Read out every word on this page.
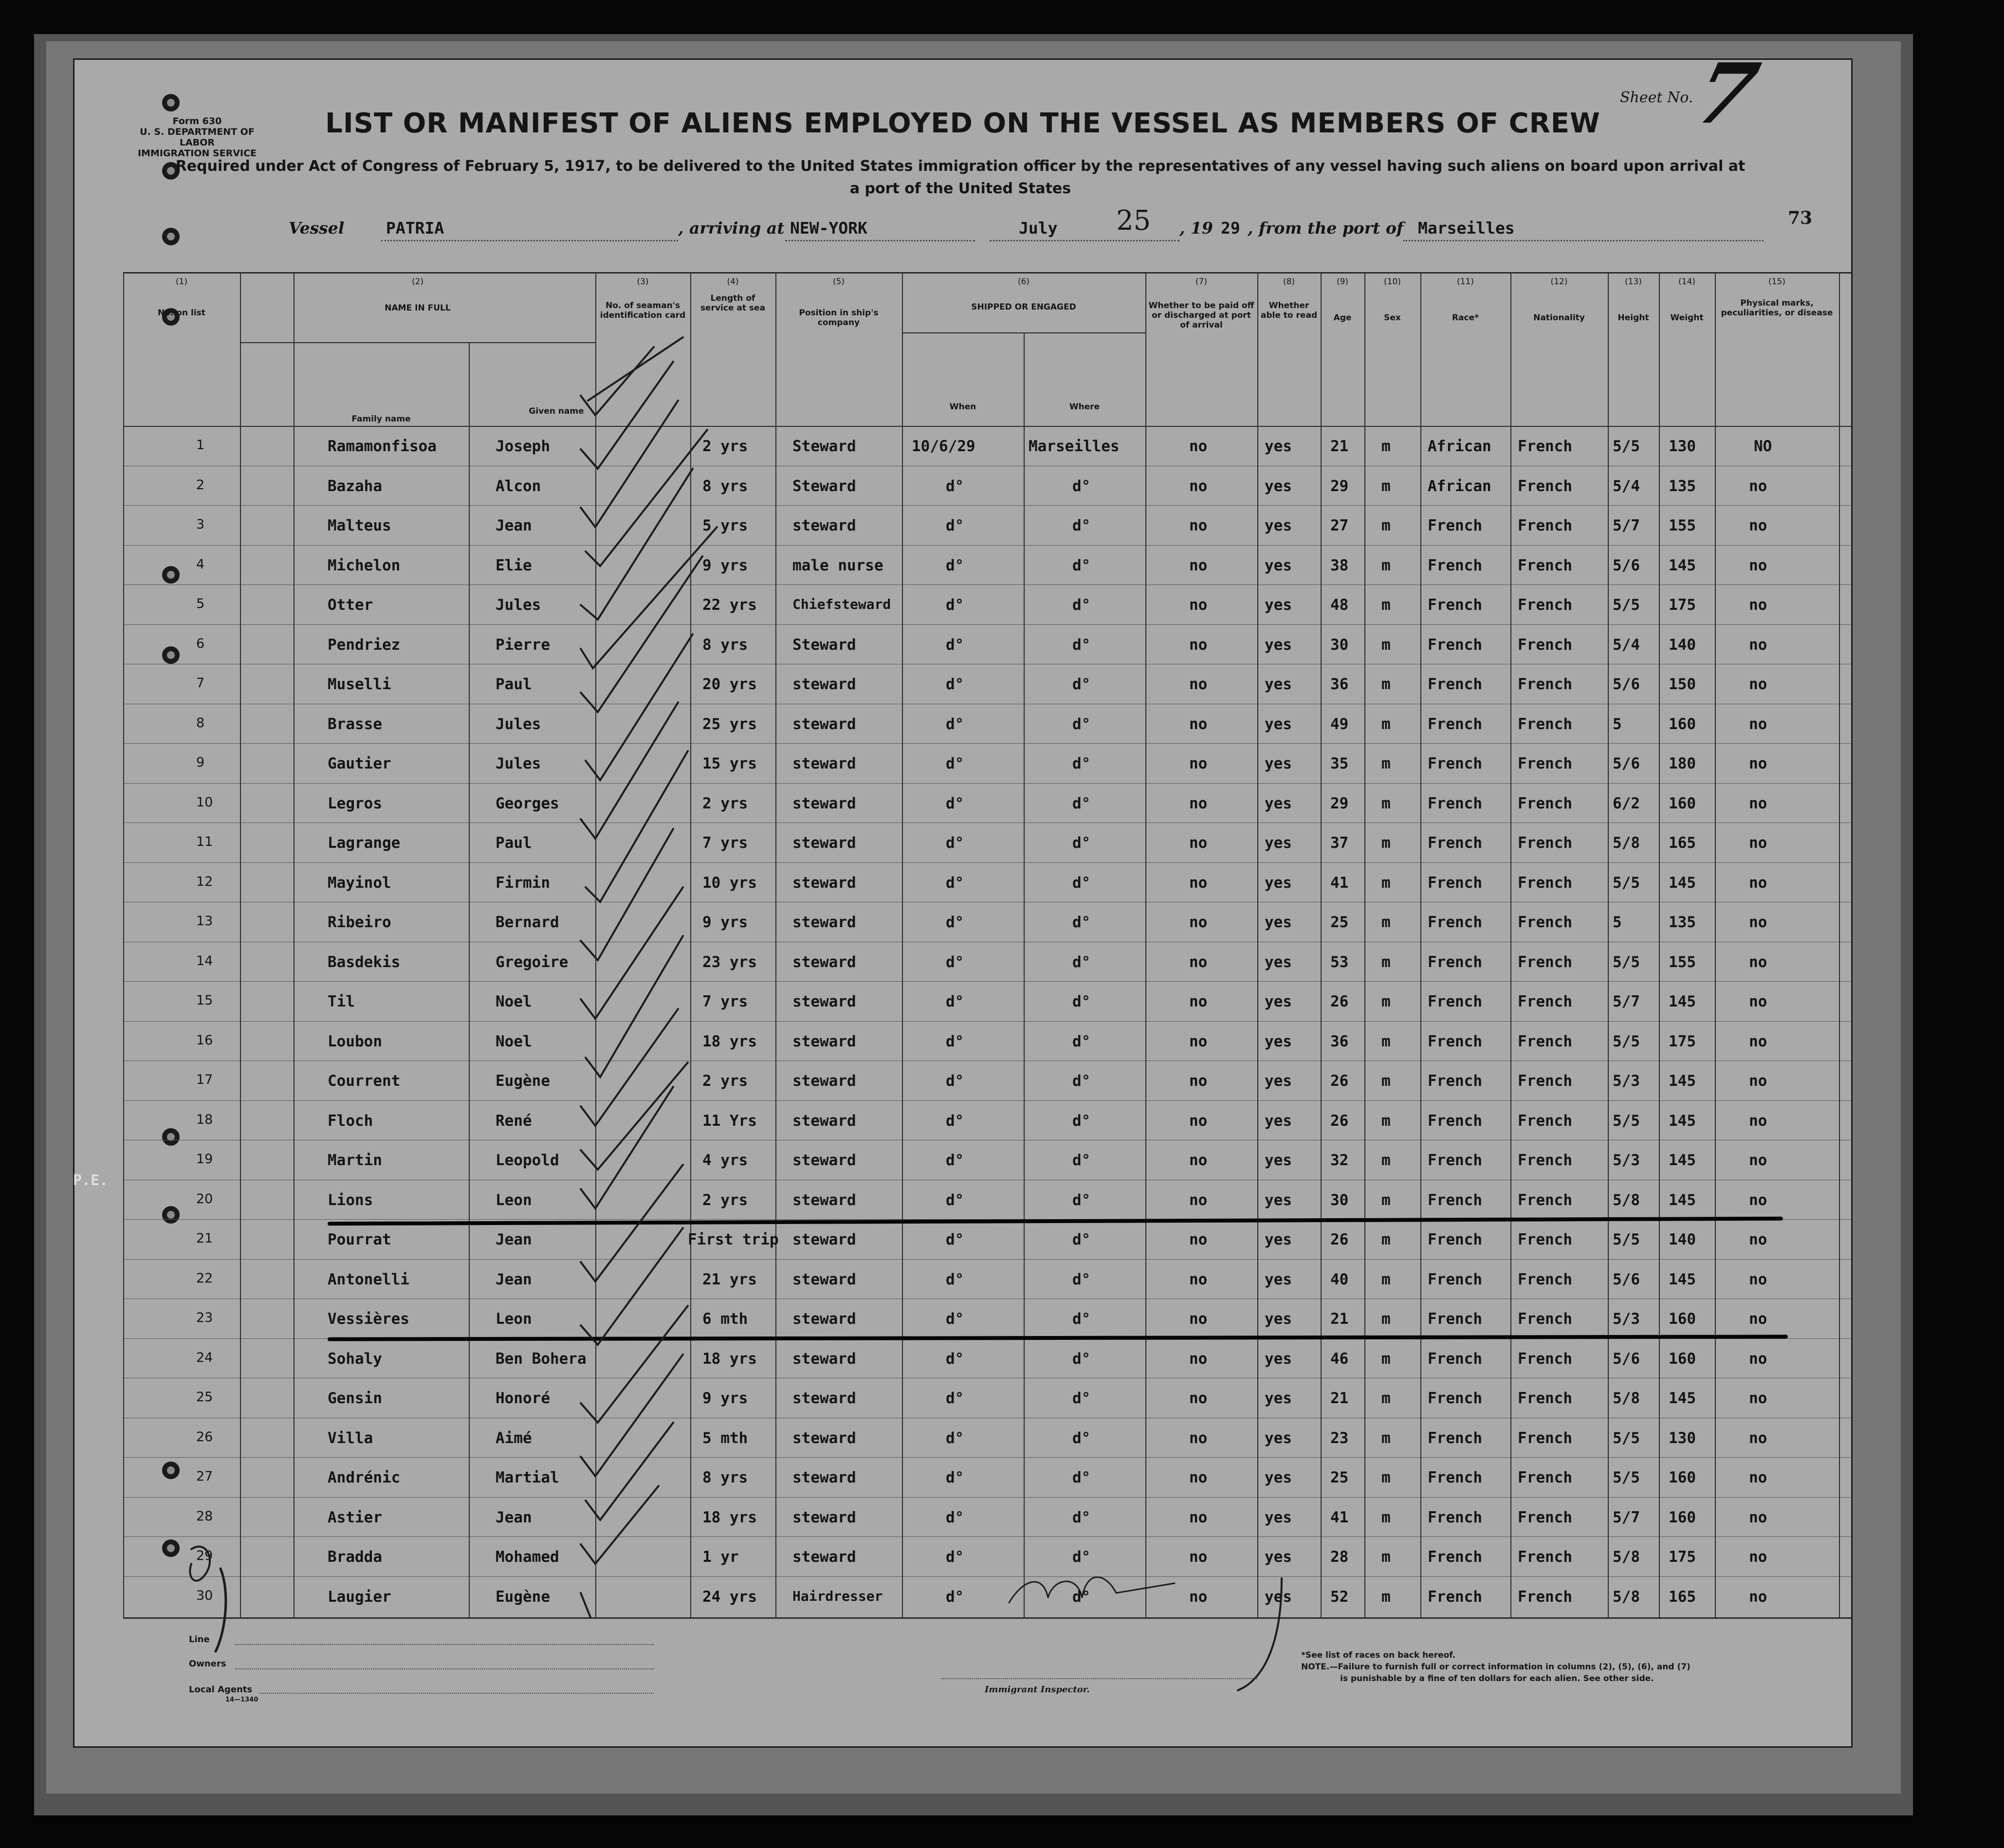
Form 630
U. S. DEPARTMENT OF LABOR
IMMIGRATION SERVICE
Sheet No.
7
LIST OR MANIFEST OF ALIENS EMPLOYED ON THE VESSEL AS MEMBERS OF CREW
Required under Act of Congress of February 5, 1917, to be delivered to the United States immigration officer by the representatives of any vessel having such aliens on board upon arrival at a port of the United States
Vessel	PATRIA	, arriving at NEW-YORK	July 25 , 19 29 , from the port of Marseilles	73
(1)
No. on list
(2)
NAME IN FULL
(3)
No. of seaman's identification card
(4)
Length of service at sea
(5)
Position in ship's company
(6)
SHIPPED OR ENGAGED
(7)
Whether to be paid off or discharged at port of arrival
(8)
Whether able to read
(9)
Age
(10)
Sex
(11)
Race*
(12)
Nationality
(13)
Height
(14)
Weight
(15)
Physical marks, peculiarities, or disease
Family name
Given name	When	Where
1	Ramamonfisoa	Joseph	2 yrs	Steward	10/6/29	Marseilles	no	yes	21 m African French	5/5 130	NO
2	Bazaha	Alcon	8 yrs	Steward	d°	d°	no	yes	29 m African French	5/4 135	no
3	Malteus	Jean	5 yrs	steward	d°	d°	no	yes	27 m French French	5/7 155	no
4	Michelon	Elie	9 yrs	male nurse	d°	d°	no	yes	38 m French French	5/6 145	no
5	Otter	Jules	22 yrs	Chiefsteward	d°	d°	no	yes	48 m French French	5/5 175	no
6	Pendriez	Pierre	8 yrs	Steward	d°	d°	no	yes	30 m French French	5/4 140	no
7	Muselli	Paul	20 yrs steward	d°	d°	no	yes	36 m French French	5/6 150	no
8	Brasse	Jules	25 yrs steward	d°	d°	no	yes	49 m French French	5	160	no
9	Gautier	Jules	15 yrs steward	d°	d°	no	yes	35 m French French	5/6 180	no
10	Legros	Georges	2 yrs	steward	d°	d°	no	yes	29 m French French	6/2 160	no
11	Lagrange	Paul	7 yrs	steward	d°	d°	no	yes	37 m French French	5/8 165	no
12	Mayinol	Firmin	10 yrs steward	d°	d°	no	yes	41 m French French	5/5 145	no
13	Ribeiro	Bernard	9 yrs	steward	d°	d°	no	yes	25 m French French	5	135	no
14	Basdekis	Gregoire	23 yrs steward	d°	d°	no	yes	53 m French French	5/5 155	no
15	Til	Noel	7 yrs	steward	d°	d°	no	yes	26 m French French	5/7 145	no
16	Loubon	Noel	18 yrs steward	d°	d°	no	yes	36 m French French	5/5 175	no
17	Courrent	Eugène	2 yrs	steward	d°	d°	no	yes	26 m French French	5/3 145	no
18	Floch	René	11 Yrs steward	d°	d°	no	yes	26 m French French	5/5 145	no
19	Martin	Leopold	4 yrs	steward	d°	d°	no	yes	32 m French French	5/3 145	no
20	Lions	Leon	2 yrs	steward	d°	d°	no	yes	30 m French French	5/8 145	no
21	Pourrat	Jean	First trip steward	d°	d°	no	yes	26 m French French	5/5 140	no
22	Antonelli	Jean	21 yrs steward	d°	d°	no	yes	40 m French French	5/6 145	no
23	Vessières	Leon	6 mth	steward	d°	d°	no	yes	21 m French French	5/3 160	no
24	Sohaly	Ben Bohera	18 yrs steward	d°	d°	no	yes	46 m French French	5/6 160	no
25	Gensin	Honoré	9 yrs	steward	d°	d°	no	yes	21 m French French	5/8 145	no
26	Villa	Aimé	5 mth	steward	d°	d°	no	yes	23 m French French	5/5 130	no
27	Andrénic	Martial	8 yrs	steward	d°	d°	no	yes	25 m French French	5/5 160	no
28	Astier	Jean	18 yrs steward	d°	d°	no	yes	41 m French French	5/7 160	no
29	Bradda	Mohamed	1 yr	steward	d°	d°	no	yes	28 m French French	5/8 175	no
30	Laugier	Eugène	24 yrs	Hairdresser	d°	d°	no	yes	52 m French French	5/8 165	no
Line
Owners
Local Agents
14—1340
Immigrant Inspector.
*See list of races on back hereof.
NOTE.—Failure to furnish full or correct information in columns (2), (5), (6), and (7)
is punishable by a fine of ten dollars for each alien. See other side.
P.E.
